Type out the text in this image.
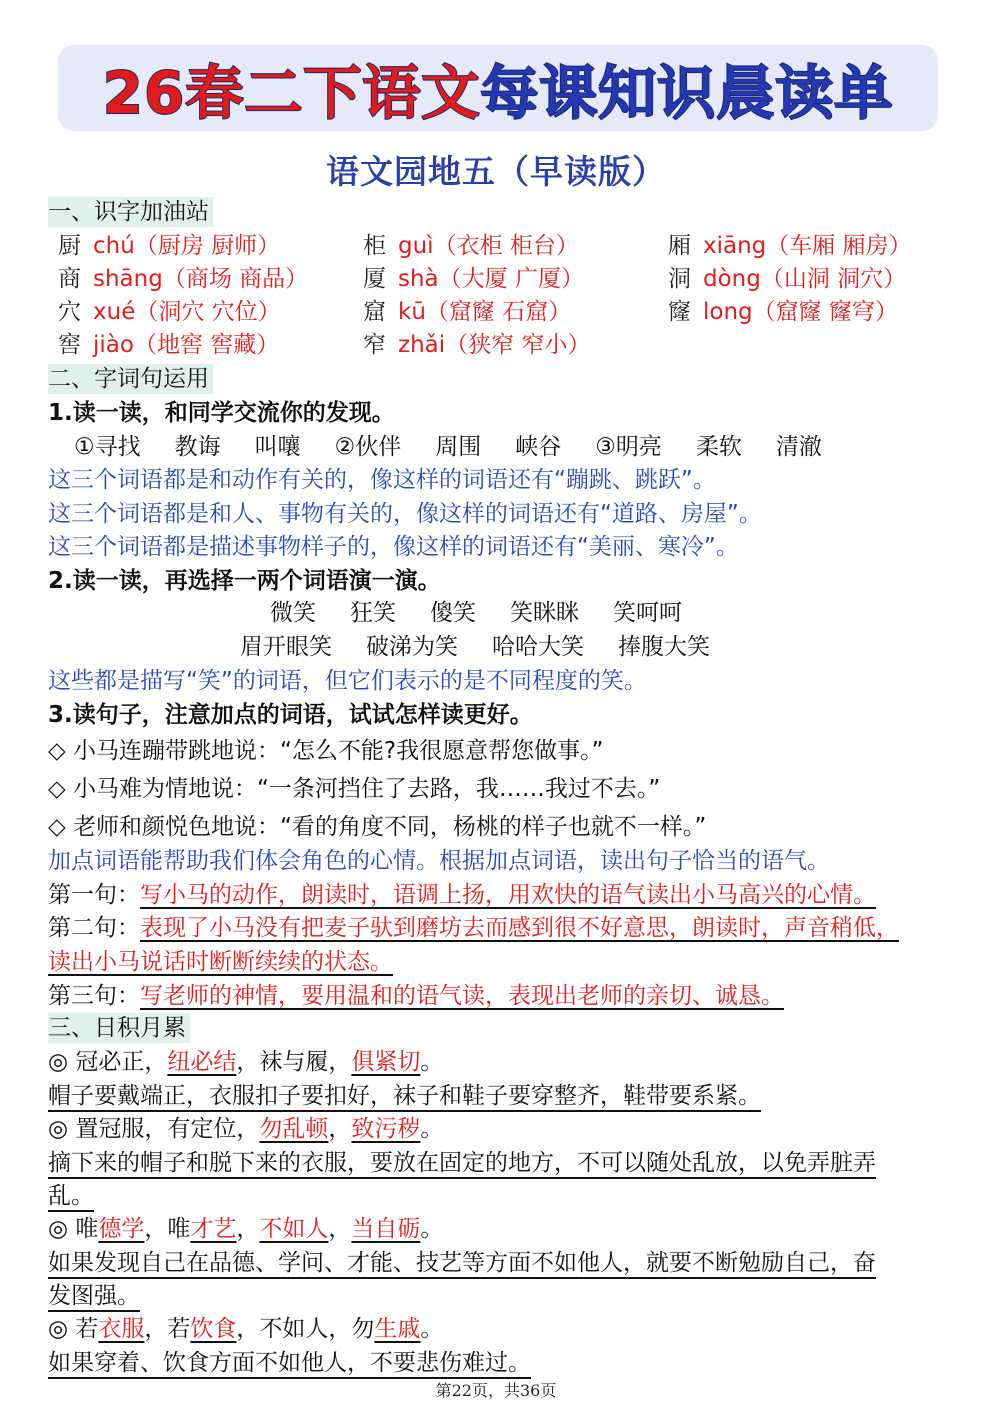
26春二下语文每课知识晨读单
语文园地五（早读版）
一、识字加油站
厨 chú（厨房 厨师）	柜 guì（衣柜 柜台）	厢 xiāng（车厢 厢房）
商 shāng（商场 商品） 厦 shà（大厦 广厦）	洞 dòng（山洞 洞穴）
穴 xué（洞穴 穴位）	窟 kū（窟窿 石窟）	窿 long（窟窿 窿穹）
窖 jiào（地窖 窖藏）	窄 zhǎi（狭窄 窄小）
二、字词句运用
1.读一读，和同学交流你的发现。
①寻找 教诲 叫嚷 ②伙伴 周围 峡谷 ③明亮 柔软 清澈
这三个词语都是和动作有关的，像这样的词语还有“蹦跳、跳跃”。
这三个词语都是和人、事物有关的，像这样的词语还有“道路、房屋”。
这三个词语都是描述事物样子的，像这样的词语还有“美丽、寒冷”。
2.读一读，再选择一两个词语演一演。
微笑 狂笑 傻笑 笑眯眯 笑呵呵
眉开眼笑 破涕为笑 哈哈大笑 捧腹大笑
这些都是描写“笑”的词语，但它们表示的是不同程度的笑。
3.读句子，注意加点的词语，试试怎样读更好。
◇ 小马连蹦带跳地说：“怎么不能?我很愿意帮您做事。”
◇ 小马难为情地说：“一条河挡住了去路，我……我过不去。”
◇ 老师和颜悦色地说：“看的角度不同，杨桃的样子也就不一样。”
加点词语能帮助我们体会角色的心情。根据加点词语，读出句子恰当的语气。
第一句：写小马的动作，朗读时，语调上扬，用欢快的语气读出小马高兴的心情。
第二句：表现了小马没有把麦子驮到磨坊去而感到很不好意思，朗读时，声音稍低，
读出小马说话时断断续续的状态。
第三句：写老师的神情，要用温和的语气读，表现出老师的亲切、诚恳。
三、日积月累
◎ 冠必正，纽必结，袜与履，俱紧切。
帽子要戴端正，衣服扣子要扣好，袜子和鞋子要穿整齐，鞋带要系紧。
◎ 置冠服，有定位，勿乱顿，致污秽。
摘下来的帽子和脱下来的衣服，要放在固定的地方，不可以随处乱放，以免弄脏弄
乱。
◎ 唯德学，唯才艺，不如人，当自砺。
如果发现自己在品德、学问、才能、技艺等方面不如他人，就要不断勉励自己，奋
发图强。
◎ 若衣服，若饮食，不如人，勿生戚。
如果穿着、饮食方面不如他人，不要悲伤难过。
第22页，共36页
